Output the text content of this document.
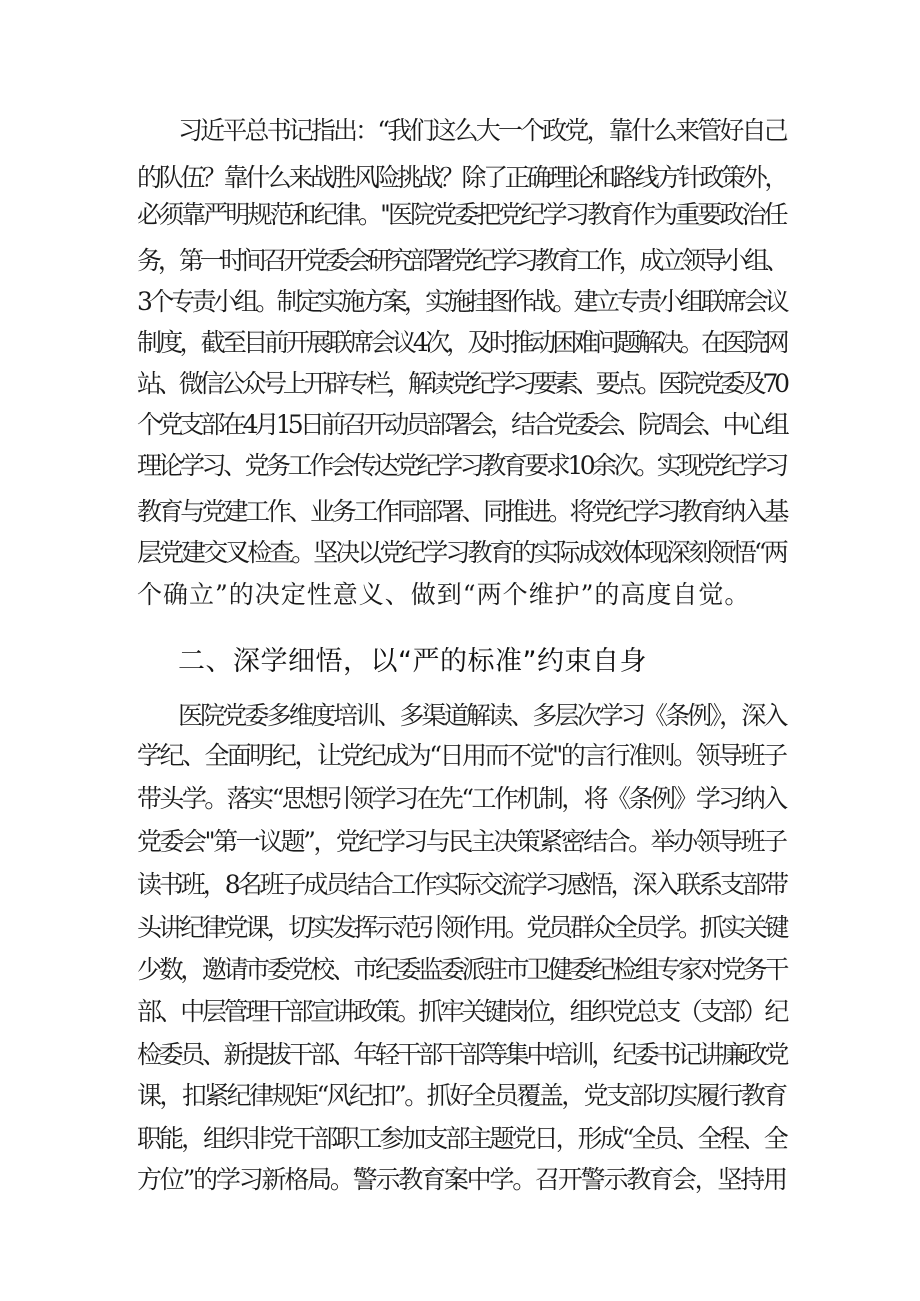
习近平总书记指出：“我们这么大一个政党，靠什么来管好自己
的队伍？靠什么来战胜风险挑战？除了正确理论和路线方针政策外，
必须靠严明规范和纪律。''医院党委把党纪学习教育作为重要政治任
务，第一时间召开党委会研究部署党纪学习教育工作，成立领导小组、
3个专责小组。制定实施方案，实施挂图作战。建立专责小组联席会议
制度，截至目前开展联席会议4次，及时推动困难问题解决。在医院网
站、微信公众号上开辟专栏，解读党纪学习要素、要点。医院党委及70
个党支部在4月15日前召开动员部署会，结合党委会、院周会、中心组
理论学习、党务工作会传达党纪学习教育要求10余次。实现党纪学习
教育与党建工作、业务工作同部署、同推进。将党纪学习教育纳入基
层党建交叉检查。坚决以党纪学习教育的实际成效体现深刻领悟“两
个确立”的决定性意义、做到“两个维护”的高度自觉。
二、深学细悟，以“严的标准”约束自身
医院党委多维度培训、多渠道解读、多层次学习《条例》，深入
学纪、全面明纪，让党纪成为“日用而不觉''的言行准则。领导班子
带头学。落实“思想引领学习在先“工作机制，将《条例》学习纳入
党委会''第一议题”，党纪学习与民主决策紧密结合。举办领导班子
读书班，8名班子成员结合工作实际交流学习感悟，深入联系支部带
头讲纪律党课，切实发挥示范引领作用。党员群众全员学。抓实关键
少数，邀请市委党校、市纪委监委派驻市卫健委纪检组专家对党务干
部、中层管理干部宣讲政策。抓牢关键岗位，组织党总支（支部）纪
检委员、新提拔干部、年轻干部干部等集中培训，纪委书记讲廉政党
课，扣紧纪律规矩“风纪扣”。抓好全员覆盖，党支部切实履行教育
职能，组织非党干部职工参加支部主题党日，形成“全员、全程、全
方位”的学习新格局。警示教育案中学。召开警示教育会，坚持用
